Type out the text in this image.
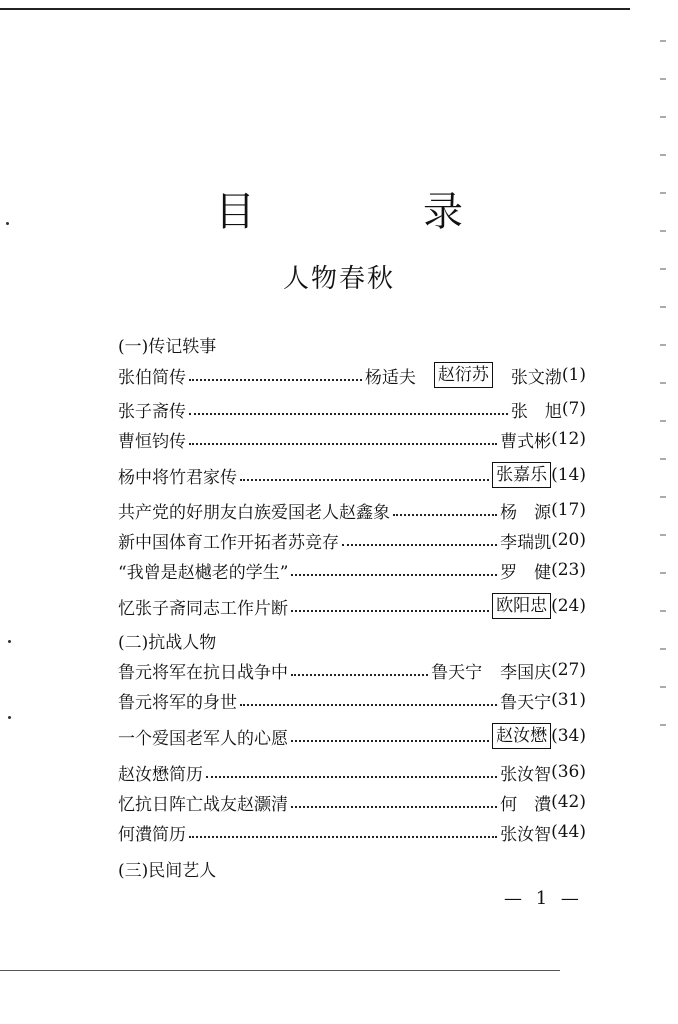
目　录
人物春秋
(一)传记轶事
张伯简传	杨适夫 赵衍苏 张文渤 (1)
张子斋传	张　旭 (7)
曹恒钧传	曹式彬 (12)
杨中将竹君家传	张嘉乐 (14)
共产党的好朋友白族爱国老人赵鑫象	杨　源 (17)
新中国体育工作开拓者苏竞存	李瑞凯 (20)
“我曾是赵樾老的学生”	罗　健 (23)
忆张子斋同志工作片断	欧阳忠 (24)
(二)抗战人物
鲁元将军在抗日战争中	鲁天宁 李国庆 (27)
鲁元将军的身世	鲁天宁 (31)
一个爱国老军人的心愿	赵汝懋 (34)
赵汝懋简历	张汝智 (36)
忆抗日阵亡战友赵灏清	何　㵒 (42)
何㵒简历	张汝智 (44)
(三)民间艺人
— 1 —
